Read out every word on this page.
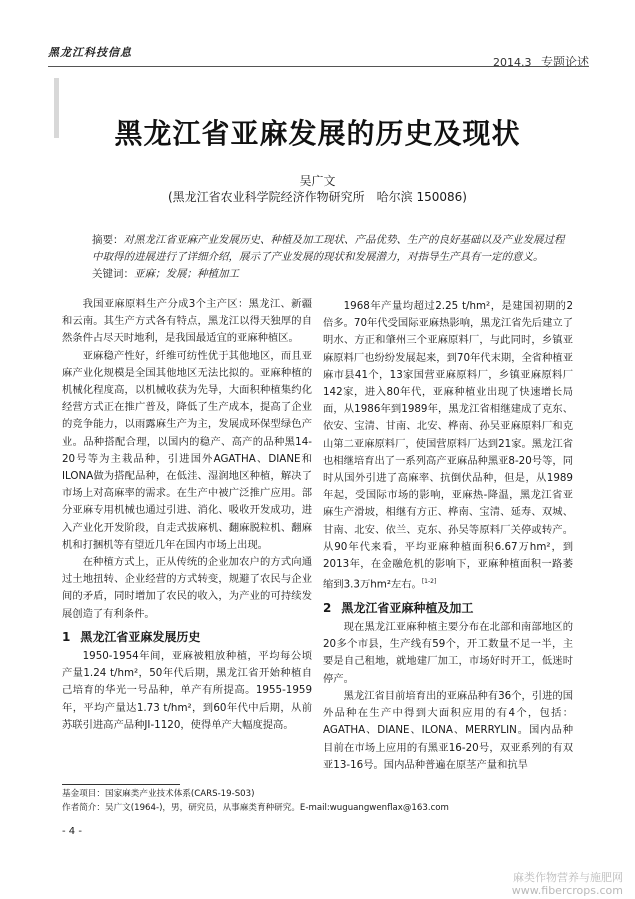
黑龙江科技信息
2014.3 专题论述
黑龙江省亚麻发展的历史及现状
吴广文
(黑龙江省农业科学院经济作物研究所　哈尔滨 150086)
摘要：对黑龙江省亚麻产业发展历史、种植及加工现状、产品优势、生产的良好基础以及产业发展过程中取得的进展进行了详细介绍，展示了产业发展的现状和发展潜力，对指导生产具有一定的意义。
关键词：亚麻；发展；种植加工

我国亚麻原料生产分成3个主产区：黑龙江、新疆和云南。其生产方式各有特点，黑龙江以得天独厚的自然条件占尽天时地利，是我国最适宜的亚麻种植区。

亚麻稳产性好，纤维可纺性优于其他地区，而且亚麻产业化规模是全国其他地区无法比拟的。亚麻种植的机械化程度高，以机械收获为先导，大面积种植集约化经营方式正在推广普及，降低了生产成本，提高了企业的竞争能力，以雨露麻生产为主，发展成环保型绿色产业。品种搭配合理，以国内的稳产、高产的品种黑14-20号等为主栽品种，引进国外AGATHA、DIANE和ILONA做为搭配品种，在低洼、湿润地区种植，解决了市场上对高麻率的需求。在生产中被广泛推广应用。部分亚麻专用机械也通过引进、消化、吸收开发成功，进入产业化开发阶段，自走式拔麻机、翻麻脱粒机、翻麻机和打捆机等有望近几年在国内市场上出现。

在种植方式上，正从传统的企业加农户的方式向通过土地扭转、企业经营的方式转变，规避了农民与企业间的矛盾，同时增加了农民的收入，为产业的可持续发展创造了有利条件。

1 黑龙江省亚麻发展历史

1950-1954年间，亚麻被粗放种植，平均每公顷产量1.24 t/hm²，50年代后期，黑龙江省开始种植自己培育的华光一号品种，单产有所提高。1955-1959年，平均产量达1.73 t/hm²，到60年代中后期，从前苏联引进高产品种JI-1120，使得单产大幅度提高。

1968年产量均超过2.25 t/hm²，是建国初期的2倍多。70年代受国际亚麻热影响，黑龙江省先后建立了明水、方正和肇州三个亚麻原料厂，与此同时，乡镇亚麻原料厂也纷纷发展起来，到70年代末期，全省种植亚麻市县41个，13家国营亚麻原料厂，乡镇亚麻原料厂142家，进入80年代，亚麻种植业出现了快速增长局面，从1986年到1989年，黑龙江省相继建成了克东、依安、宝清、甘南、北安、桦南、孙吴亚麻原料厂和克山第二亚麻原料厂，使国营原料厂达到21家。黑龙江省也相继培育出了一系列高产亚麻品种黑亚8-20号等，同时从国外引进了高麻率、抗倒伏品种，但是，从1989年起，受国际市场的影响，亚麻热-降温，黑龙江省亚麻生产滑坡，相继有方正、桦南、宝清、延寿、双城、甘南、北安、依兰、克东、孙吴等原料厂关停或转产。从90年代来看，平均亚麻种植面积6.67万hm²，到2013年，在金融危机的影响下，亚麻种植面积一路萎缩到3.3万hm²左右。[1-2]

2 黑龙江省亚麻种植及加工

现在黑龙江亚麻种植主要分布在北部和南部地区的20多个市县，生产线有59个，开工数量不足一半，主要是自己租地，就地建厂加工，市场好时开工，低迷时停产。

黑龙江省目前培育出的亚麻品种有36个，引进的国外品种在生产中得到大面积应用的有4个，包括：AGATHA、DIANE、ILONA、MERRYLIN。国内品种目前在市场上应用的有黑亚16-20号，双亚系列的有双亚13-16号。国内品种普遍在原茎产量和抗旱

基金项目：国家麻类产业技术体系(CARS-19-S03)
作者简介：吴广文(1964-)，男，研究员，从事麻类育种研究。E-mail:wuguangwenflax@163.com
- 4 -
麻类作物营养与施肥网
www.fibercrops.com
